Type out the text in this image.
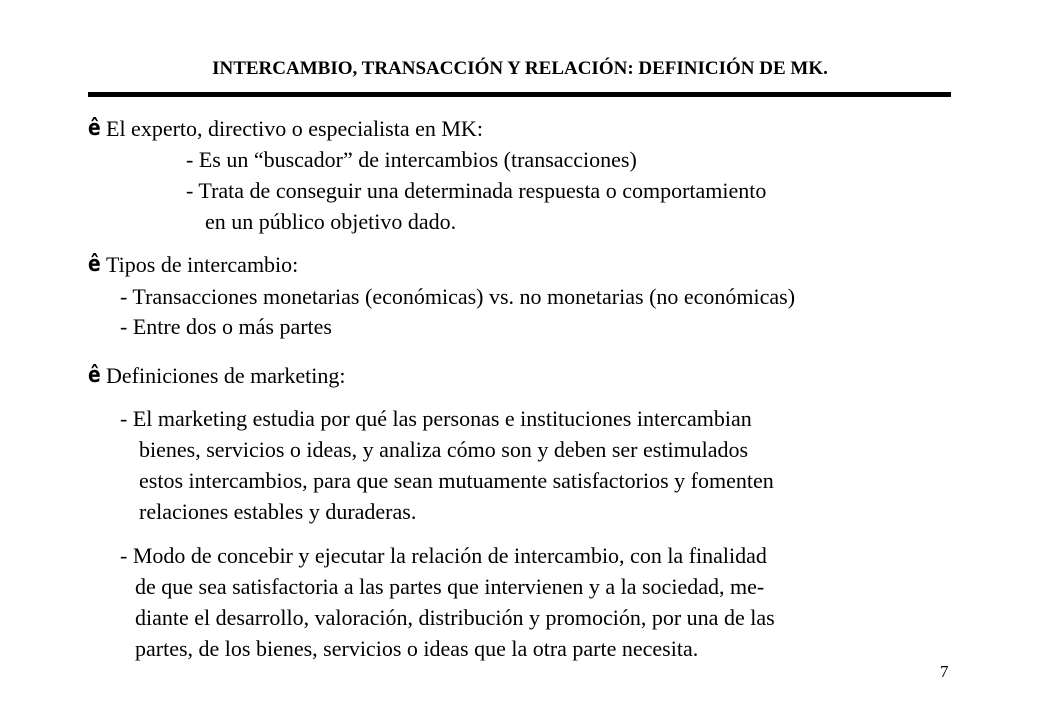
INTERCAMBIO, TRANSACCIÓN Y RELACIÓN: DEFINICIÓN DE MK.
ê El experto, directivo o especialista en MK:
- Es un “buscador” de intercambios (transacciones)
- Trata de conseguir una determinada respuesta o comportamiento
en un público objetivo dado.
ê Tipos de intercambio:
- Transacciones monetarias (económicas) vs. no monetarias (no económicas)
- Entre dos o más partes
ê Definiciones de marketing:
- El marketing estudia por qué las personas e instituciones intercambian
bienes, servicios o ideas, y analiza cómo son y deben ser estimulados
estos intercambios, para que sean mutuamente satisfactorios y fomenten
relaciones estables y duraderas.
- Modo de concebir y ejecutar la relación de intercambio, con la finalidad
de que sea satisfactoria a las partes que intervienen y a la sociedad, me-
diante el desarrollo, valoración, distribución y promoción, por una de las
partes, de los bienes, servicios o ideas que la otra parte necesita.
7
